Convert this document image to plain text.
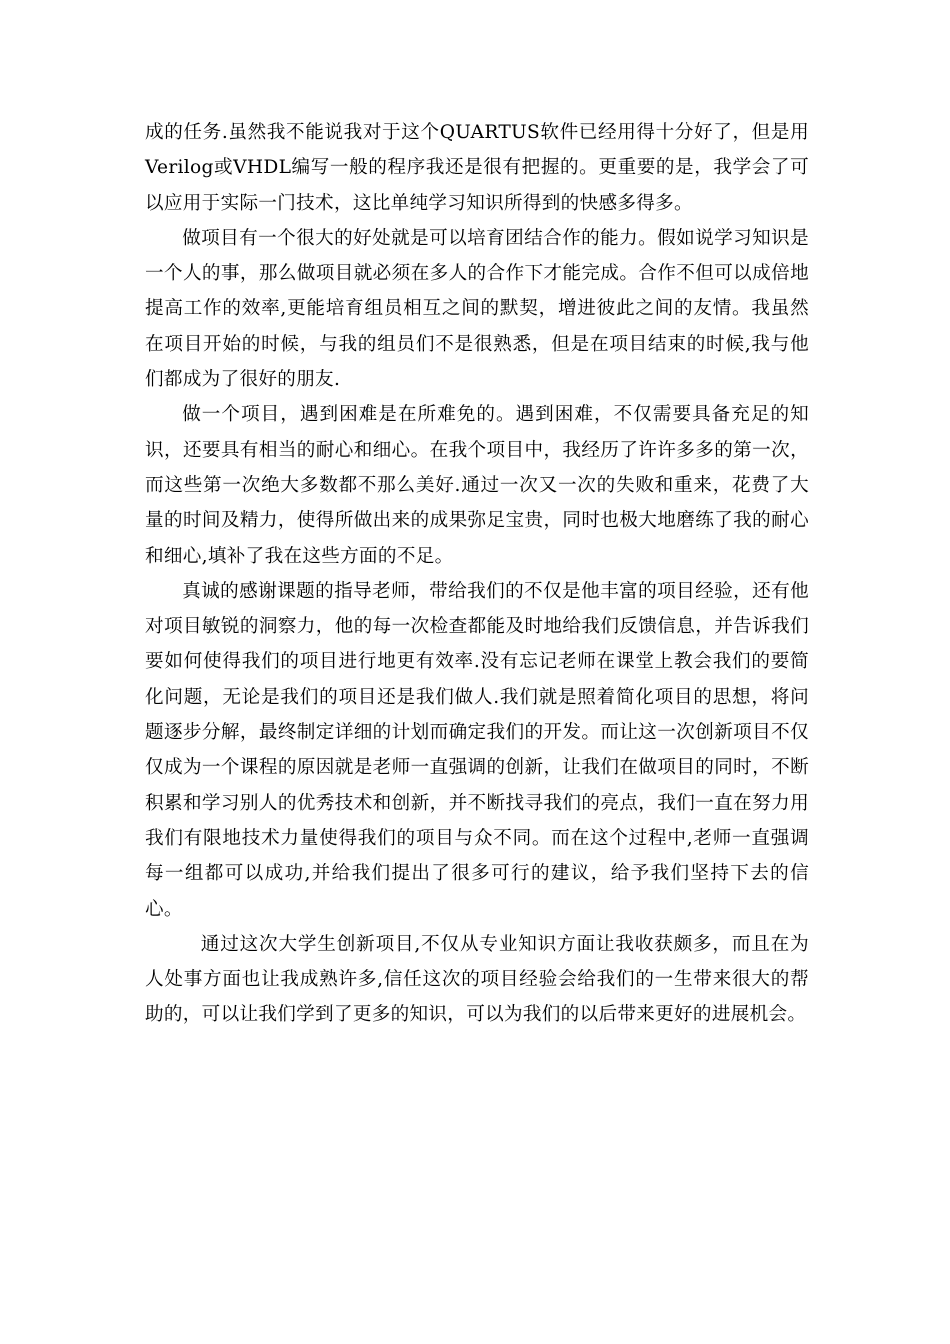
成的任务.虽然我不能说我对于这个QUARTUS软件已经用得十分好了，但是用Verilog或VHDL编写一般的程序我还是很有把握的。更重要的是，我学会了可以应用于实际一门技术，这比单纯学习知识所得到的快感多得多。

做项目有一个很大的好处就是可以培育团结合作的能力。假如说学习知识是一个人的事，那么做项目就必须在多人的合作下才能完成。合作不但可以成倍地提高工作的效率,更能培育组员相互之间的默契，增进彼此之间的友情。我虽然在项目开始的时候，与我的组员们不是很熟悉，但是在项目结束的时候,我与他们都成为了很好的朋友.

做一个项目，遇到困难是在所难免的。遇到困难，不仅需要具备充足的知识，还要具有相当的耐心和细心。在我个项目中，我经历了许许多多的第一次，而这些第一次绝大多数都不那么美好.通过一次又一次的失败和重来，花费了大量的时间及精力，使得所做出来的成果弥足宝贵，同时也极大地磨练了我的耐心和细心,填补了我在这些方面的不足。

真诚的感谢课题的指导老师，带给我们的不仅是他丰富的项目经验，还有他对项目敏锐的洞察力，他的每一次检查都能及时地给我们反馈信息，并告诉我们要如何使得我们的项目进行地更有效率.没有忘记老师在课堂上教会我们的要简化问题，无论是我们的项目还是我们做人.我们就是照着简化项目的思想，将问题逐步分解，最终制定详细的计划而确定我们的开发。而让这一次创新项目不仅仅成为一个课程的原因就是老师一直强调的创新，让我们在做项目的同时，不断积累和学习别人的优秀技术和创新，并不断找寻我们的亮点，我们一直在努力用我们有限地技术力量使得我们的项目与众不同。而在这个过程中,老师一直强调每一组都可以成功,并给我们提出了很多可行的建议，给予我们坚持下去的信心。

通过这次大学生创新项目,不仅从专业知识方面让我收获颇多，而且在为人处事方面也让我成熟许多,信任这次的项目经验会给我们的一生带来很大的帮助的，可以让我们学到了更多的知识，可以为我们的以后带来更好的进展机会。
